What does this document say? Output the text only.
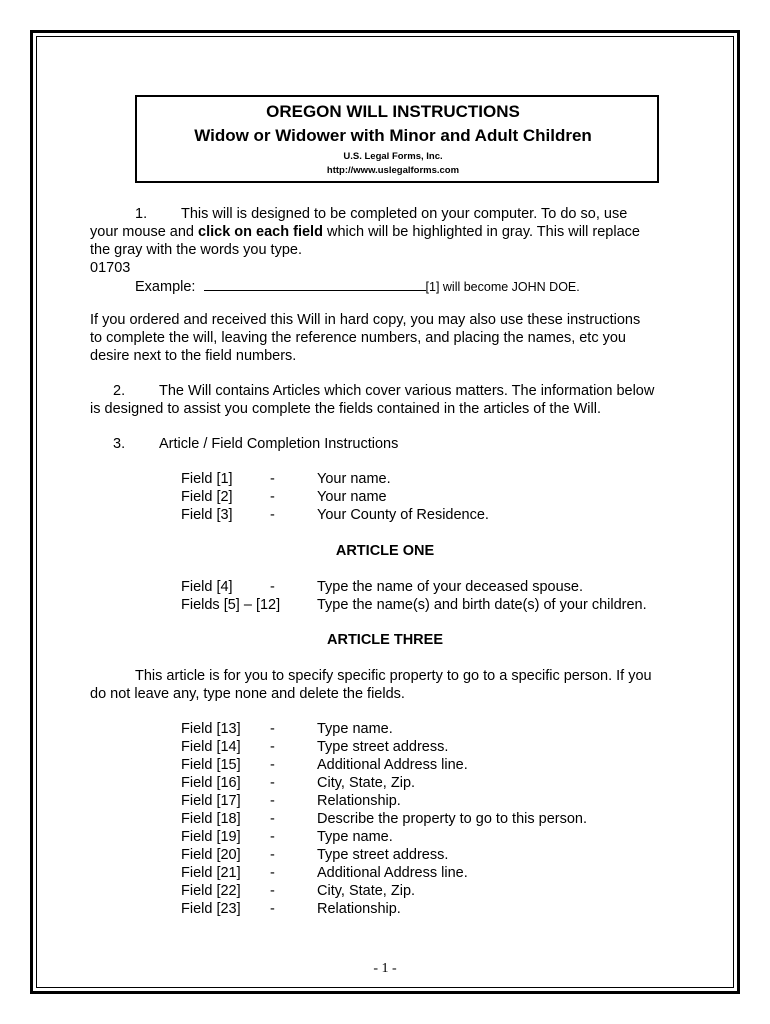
OREGON WILL INSTRUCTIONS
Widow or Widower with Minor and Adult Children
U.S. Legal Forms, Inc.
http://www.uslegalforms.com
1. This will is designed to be completed on your computer. To do so, use
your mouse and click on each field which will be highlighted in gray. This will replace
the gray with the words you type.
01703
Example:	[1] will become JOHN DOE.
If you ordered and received this Will in hard copy, you may also use these instructions
to complete the will, leaving the reference numbers, and placing the names, etc you
desire next to the field numbers.
2. The Will contains Articles which cover various matters. The information below
is designed to assist you complete the fields contained in the articles of the Will.
3. Article / Field Completion Instructions
Field [1]	-	Your name.
Field [2]	-	Your name
Field [3]	-	Your County of Residence.
ARTICLE ONE
Field [4]	-	Type the name of your deceased spouse.
Fields [5] – [12]	Type the name(s) and birth date(s) of your children.
ARTICLE THREE
This article is for you to specify specific property to go to a specific person. If you
do not leave any, type none and delete the fields.
Field [13] -	Type name.
Field [14] -	Type street address.
Field [15] -	Additional Address line.
Field [16] -	City, State, Zip.
Field [17] -	Relationship.
Field [18] -	Describe the property to go to this person.
Field [19] -	Type name.
Field [20] -	Type street address.
Field [21] -	Additional Address line.
Field [22] -	City, State, Zip.
Field [23] -	Relationship.
- 1 -
